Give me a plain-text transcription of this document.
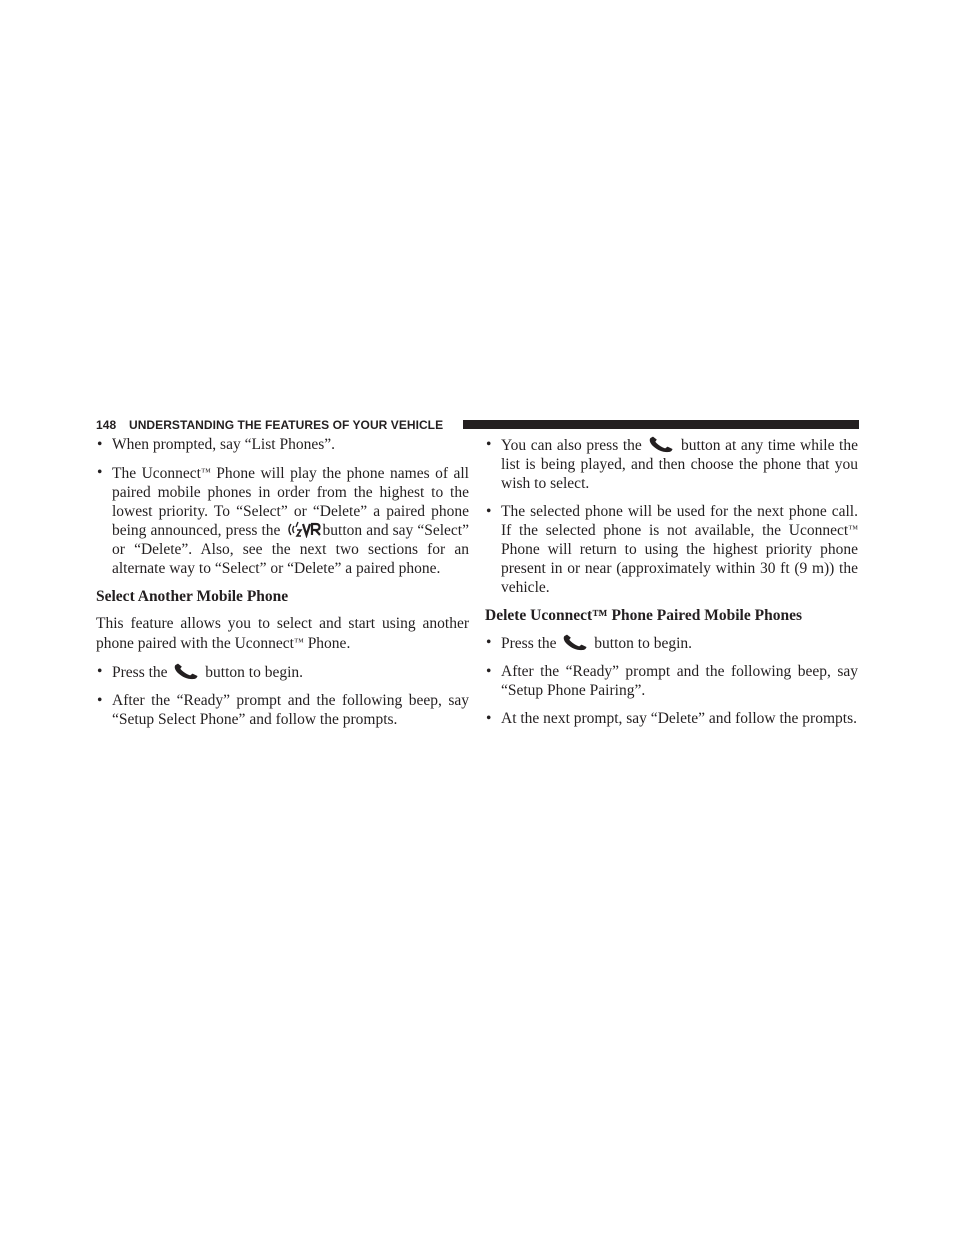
148 UNDERSTANDING THE FEATURES OF YOUR VEHICLE
• When prompted, say “List Phones”.
• The Uconnect™ Phone will play the phone names of all paired mobile phones in order from the highest to the lowest priority. To “Select” or “Delete” a paired phone being announced, press the
button and say “Select” or “Delete”. Also, see the next two sections for an alternate way to “Select” or “Delete” a paired phone.
Select Another Mobile Phone
This feature allows you to select and start using another phone paired with the Uconnect™ Phone.
• Press the
button to begin.
• After the “Ready” prompt and the following beep, say “Setup Select Phone” and follow the prompts.
• You can also press the
button at any time while the list is being played, and then choose the phone that you wish to select.
• The selected phone will be used for the next phone call. If the selected phone is not available, the Uconnect™ Phone will return to using the highest priority phone present in or near (approximately within 30 ft (9 m)) the vehicle.
Delete Uconnect™ Phone Paired Mobile Phones
• Press the
button to begin.
• After the “Ready” prompt and the following beep, say “Setup Phone Pairing”.
• At the next prompt, say “Delete” and follow the prompts.
